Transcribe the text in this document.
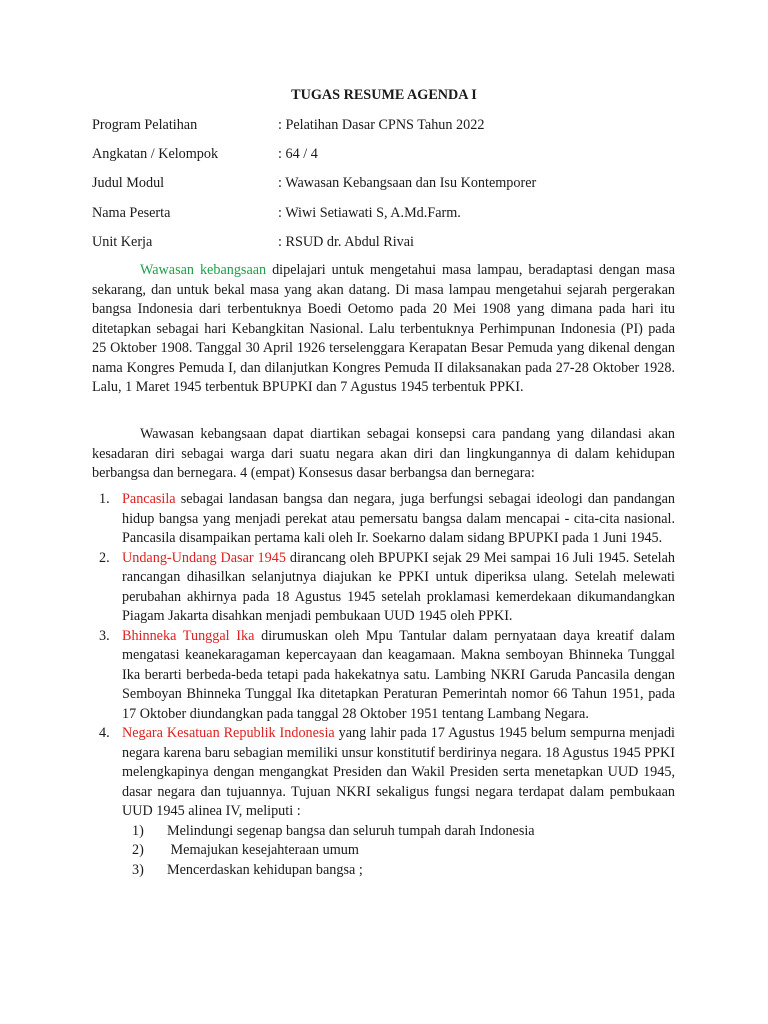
TUGAS RESUME AGENDA I
Program Pelatihan	: Pelatihan Dasar CPNS Tahun 2022
Angkatan / Kelompok	: 64 / 4
Judul Modul	: Wawasan Kebangsaan dan Isu Kontemporer
Nama Peserta	: Wiwi Setiawati S, A.Md.Farm.
Unit Kerja	: RSUD dr. Abdul Rivai

Wawasan kebangsaan dipelajari untuk mengetahui masa lampau, beradaptasi dengan masa sekarang, dan untuk bekal masa yang akan datang. Di masa lampau mengetahui sejarah pergerakan bangsa Indonesia dari terbentuknya Boedi Oetomo pada 20 Mei 1908 yang dimana pada hari itu ditetapkan sebagai hari Kebangkitan Nasional. Lalu terbentuknya Perhimpunan Indonesia (PI) pada 25 Oktober 1908. Tanggal 30 April 1926 terselenggara Kerapatan Besar Pemuda yang dikenal dengan nama Kongres Pemuda I, dan dilanjutkan Kongres Pemuda II dilaksanakan pada 27-28 Oktober 1928. Lalu, 1 Maret 1945 terbentuk BPUPKI dan 7 Agustus 1945 terbentuk PPKI.

Wawasan kebangsaan dapat diartikan sebagai konsepsi cara pandang yang dilandasi akan kesadaran diri sebagai warga dari suatu negara akan diri dan lingkungannya di dalam kehidupan berbangsa dan bernegara. 4 (empat) Konsesus dasar berbangsa dan bernegara:

1. Pancasila sebagai landasan bangsa dan negara, juga berfungsi sebagai ideologi dan pandangan hidup bangsa yang menjadi perekat atau pemersatu bangsa dalam mencapai - cita-cita nasional. Pancasila disampaikan pertama kali oleh Ir. Soekarno dalam sidang BPUPKI pada 1 Juni 1945.
2. Undang-Undang Dasar 1945 dirancang oleh BPUPKI sejak 29 Mei sampai 16 Juli 1945. Setelah rancangan dihasilkan selanjutnya diajukan ke PPKI untuk diperiksa ulang. Setelah melewati perubahan akhirnya pada 18 Agustus 1945 setelah proklamasi kemerdekaan dikumandangkan Piagam Jakarta disahkan menjadi pembukaan UUD 1945 oleh PPKI.
3. Bhinneka Tunggal Ika dirumuskan oleh Mpu Tantular dalam pernyataan daya kreatif dalam mengatasi keanekaragaman kepercayaan dan keagamaan. Makna semboyan Bhinneka Tunggal Ika berarti berbeda-beda tetapi pada hakekatnya satu. Lambing NKRI Garuda Pancasila dengan Semboyan Bhinneka Tunggal Ika ditetapkan Peraturan Pemerintah nomor 66 Tahun 1951, pada 17 Oktober diundangkan pada tanggal 28 Oktober 1951 tentang Lambang Negara.
4. Negara Kesatuan Republik Indonesia yang lahir pada 17 Agustus 1945 belum sempurna menjadi negara karena baru sebagian memiliki unsur konstitutif berdirinya negara. 18 Agustus 1945 PPKI melengkapinya dengan mengangkat Presiden dan Wakil Presiden serta menetapkan UUD 1945, dasar negara dan tujuannya. Tujuan NKRI sekaligus fungsi negara terdapat dalam pembukaan UUD 1945 alinea IV, meliputi :
1) Melindungi segenap bangsa dan seluruh tumpah darah Indonesia
2) Memajukan kesejahteraan umum
3) Mencerdaskan kehidupan bangsa ;
